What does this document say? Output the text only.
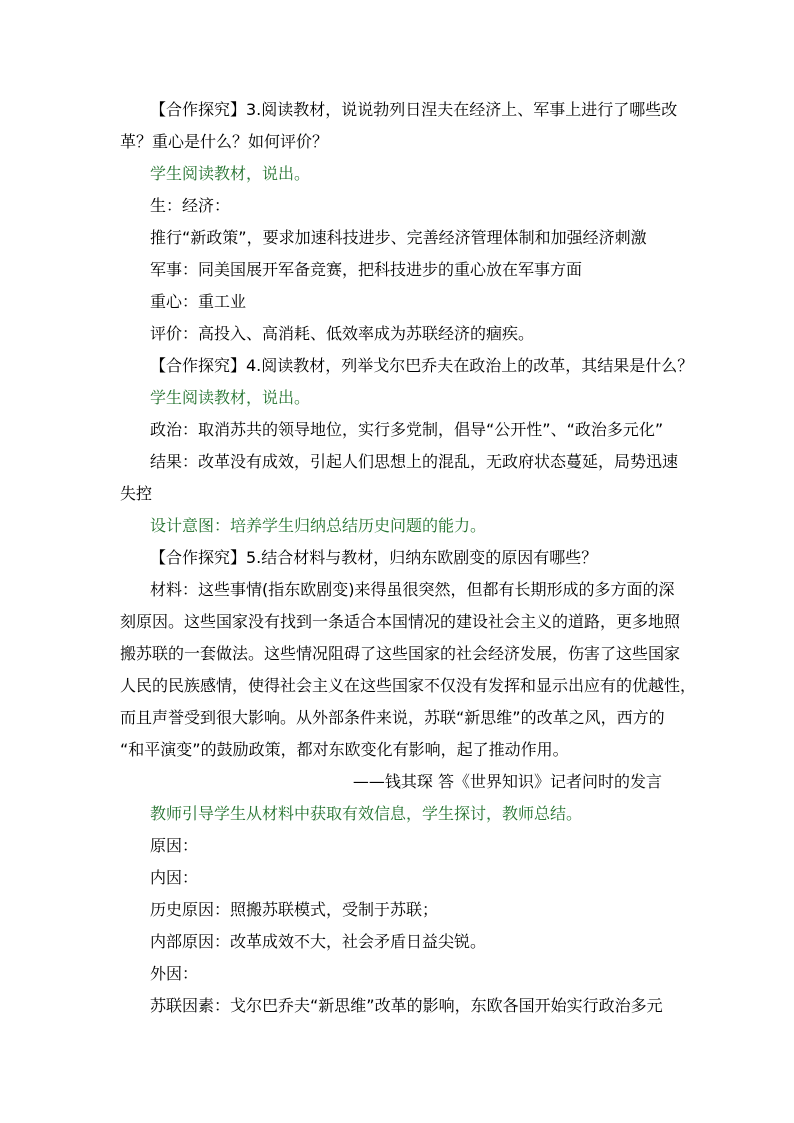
【合作探究】3.阅读教材，说说勃列日涅夫在经济上、军事上进行了哪些改
革？重心是什么？如何评价？
学生阅读教材，说出。
生：经济：
推行“新政策”，要求加速科技进步、完善经济管理体制和加强经济刺激
军事：同美国展开军备竞赛，把科技进步的重心放在军事方面
重心：重工业
评价：高投入、高消耗、低效率成为苏联经济的痼疾。
【合作探究】4.阅读教材，列举戈尔巴乔夫在政治上的改革，其结果是什么？
学生阅读教材，说出。
政治：取消苏共的领导地位，实行多党制，倡导“公开性”、“政治多元化”
结果：改革没有成效，引起人们思想上的混乱，无政府状态蔓延，局势迅速
失控
设计意图：培养学生归纳总结历史问题的能力。
【合作探究】5.结合材料与教材，归纳东欧剧变的原因有哪些？
材料：这些事情(指东欧剧变)来得虽很突然，但都有长期形成的多方面的深
刻原因。这些国家没有找到一条适合本国情况的建设社会主义的道路，更多地照
搬苏联的一套做法。这些情况阻碍了这些国家的社会经济发展，伤害了这些国家
人民的民族感情，使得社会主义在这些国家不仅没有发挥和显示出应有的优越性，
而且声誉受到很大影响。从外部条件来说，苏联“新思维”的改革之风，西方的
“和平演变”的鼓励政策，都对东欧变化有影响，起了推动作用。
——钱其琛 答《世界知识》记者问时的发言
教师引导学生从材料中获取有效信息，学生探讨，教师总结。
原因：
内因：
历史原因：照搬苏联模式，受制于苏联；
内部原因：改革成效不大，社会矛盾日益尖锐。
外因：
苏联因素：戈尔巴乔夫“新思维”改革的影响，东欧各国开始实行政治多元
